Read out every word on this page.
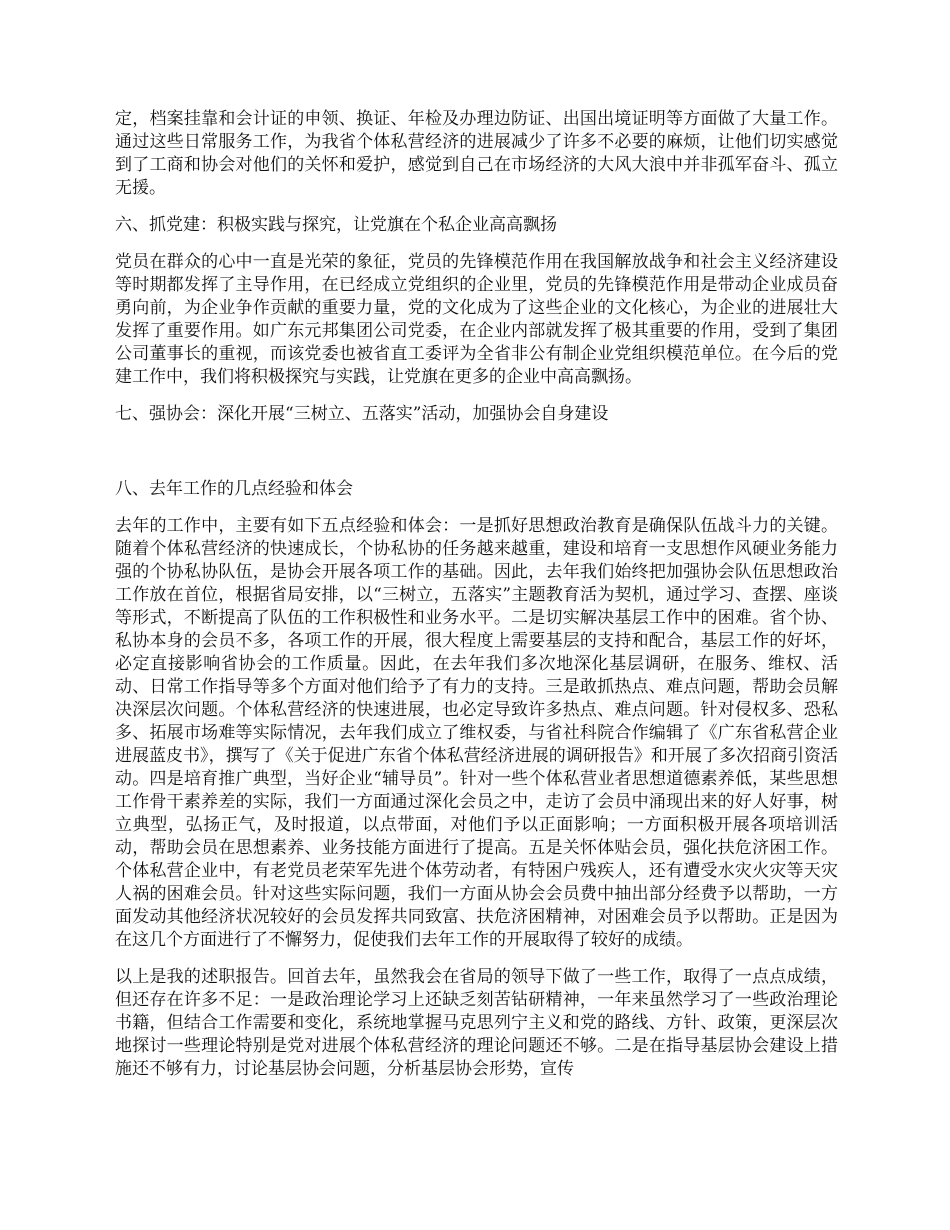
定，档案挂靠和会计证的申领、换证、年检及办理边防证、出国出境证明等方面做了大量工作。通过这些日常服务工作，为我省个体私营经济的进展减少了许多不必要的麻烦，让他们切实感觉到了工商和协会对他们的关怀和爱护，感觉到自己在市场经济的大风大浪中并非孤军奋斗、孤立无援。

六、抓党建：积极实践与探究，让党旗在个私企业高高飘扬

党员在群众的心中一直是光荣的象征，党员的先锋模范作用在我国解放战争和社会主义经济建设等时期都发挥了主导作用，在已经成立党组织的企业里，党员的先锋模范作用是带动企业成员奋勇向前，为企业争作贡献的重要力量，党的文化成为了这些企业的文化核心，为企业的进展壮大发挥了重要作用。如广东元邦集团公司党委，在企业内部就发挥了极其重要的作用，受到了集团公司董事长的重视，而该党委也被省直工委评为全省非公有制企业党组织模范单位。在今后的党建工作中，我们将积极探究与实践，让党旗在更多的企业中高高飘扬。

七、强协会：深化开展“三树立、五落实”活动，加强协会自身建设

八、去年工作的几点经验和体会

去年的工作中，主要有如下五点经验和体会：一是抓好思想政治教育是确保队伍战斗力的关键。随着个体私营经济的快速成长，个协私协的任务越来越重，建设和培育一支思想作风硬业务能力强的个协私协队伍，是协会开展各项工作的基础。因此，去年我们始终把加强协会队伍思想政治工作放在首位，根据省局安排，以“三树立，五落实”主题教育活为契机，通过学习、查摆、座谈等形式，不断提高了队伍的工作积极性和业务水平。二是切实解决基层工作中的困难。省个协、私协本身的会员不多，各项工作的开展，很大程度上需要基层的支持和配合，基层工作的好坏，必定直接影响省协会的工作质量。因此，在去年我们多次地深化基层调研，在服务、维权、活动、日常工作指导等多个方面对他们给予了有力的支持。三是敢抓热点、难点问题，帮助会员解决深层次问题。个体私营经济的快速进展，也必定导致许多热点、难点问题。针对侵权多、恐私多、拓展市场难等实际情况，去年我们成立了维权委，与省社科院合作编辑了《广东省私营企业进展蓝皮书》，撰写了《关于促进广东省个体私营经济进展的调研报告》和开展了多次招商引资活动。四是培育推广典型，当好企业“辅导员”。针对一些个体私营业者思想道德素养低，某些思想工作骨干素养差的实际，我们一方面通过深化会员之中，走访了会员中涌现出来的好人好事，树立典型，弘扬正气，及时报道，以点带面，对他们予以正面影响；一方面积极开展各项培训活动，帮助会员在思想素养、业务技能方面进行了提高。五是关怀体贴会员，强化扶危济困工作。个体私营企业中，有老党员老荣军先进个体劳动者，有特困户残疾人，还有遭受水灾火灾等天灾人祸的困难会员。针对这些实际问题，我们一方面从协会会员费中抽出部分经费予以帮助，一方面发动其他经济状况较好的会员发挥共同致富、扶危济困精神，对困难会员予以帮助。正是因为在这几个方面进行了不懈努力，促使我们去年工作的开展取得了较好的成绩。

以上是我的述职报告。回首去年，虽然我会在省局的领导下做了一些工作，取得了一点点成绩，但还存在许多不足：一是政治理论学习上还缺乏刻苦钻研精神，一年来虽然学习了一些政治理论书籍，但结合工作需要和变化，系统地掌握马克思列宁主义和党的路线、方针、政策，更深层次地探讨一些理论特别是党对进展个体私营经济的理论问题还不够。二是在指导基层协会建设上措施还不够有力，讨论基层协会问题，分析基层协会形势，宣传
